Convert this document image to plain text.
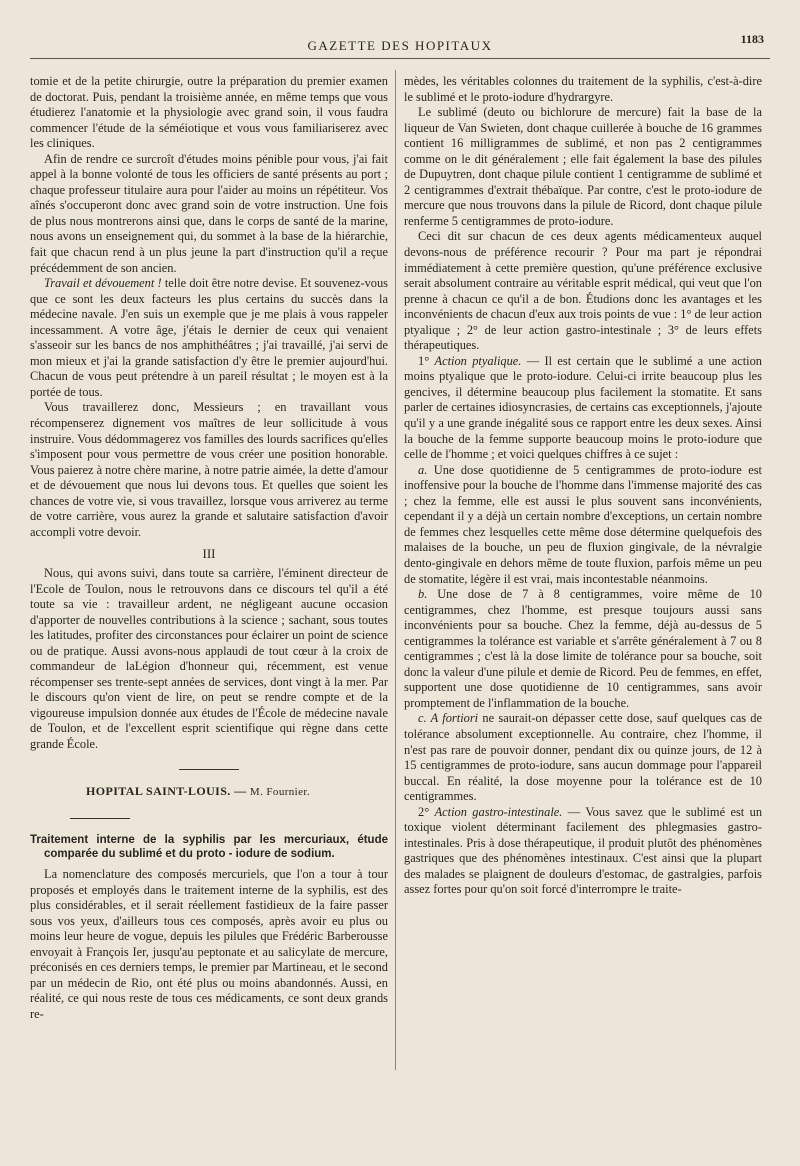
GAZETTE DES HOPITAUX	1183

tomie et de la petite chirurgie, outre la préparation du premier examen de doctorat. Puis, pendant la troisième année, en même temps que vous étudierez l'anatomie et la physiologie avec grand soin, il vous faudra commencer l'étude de la séméiotique et vous vous familiariserez avec les cliniques.

Afin de rendre ce surcroît d'études moins pénible pour vous, j'ai fait appel à la bonne volonté de tous les officiers de santé présents au port ; chaque professeur titulaire aura pour l'aider au moins un répétiteur. Vos aînés s'occuperont donc avec grand soin de votre instruction. Une fois de plus nous montrerons ainsi que, dans le corps de santé de la marine, nous avons un enseignement qui, du sommet à la base de la hiérarchie, fait que chacun rend à un plus jeune la part d'instruction qu'il a reçue précédemment de son ancien.

Travail et dévouement ! telle doit être notre devise. Et souvenez-vous que ce sont les deux facteurs les plus certains du succès dans la médecine navale. J'en suis un exemple que je me plais à vous rappeler incessamment. A votre âge, j'étais le dernier de ceux qui venaient s'asseoir sur les bancs de nos amphithéâtres ; j'ai travaillé, j'ai servi de mon mieux et j'ai la grande satisfaction d'y être le premier aujourd'hui. Chacun de vous peut prétendre à un pareil résultat ; le moyen est à la portée de tous.

Vous travaillerez donc, Messieurs ; en travaillant vous récompenserez dignement vos maîtres de leur sollicitude à vous instruire. Vous dédommagerez vos familles des lourds sacrifices qu'elles s'imposent pour vous permettre de vous créer une position honorable. Vous paierez à notre chère marine, à notre patrie aimée, la dette d'amour et de dévouement que nous lui devons tous. Et quelles que soient les chances de votre vie, si vous travaillez, lorsque vous arriverez au terme de votre carrière, vous aurez la grande et salutaire satisfaction d'avoir accompli votre devoir.

III

Nous, qui avons suivi, dans toute sa carrière, l'éminent directeur de l'Ecole de Toulon, nous le retrouvons dans ce discours tel qu'il a été toute sa vie : travailleur ardent, ne négligeant aucune occasion d'apporter de nouvelles contributions à la science ; sachant, sous toutes les latitudes, profiter des circonstances pour éclairer un point de science ou de pratique. Aussi avons-nous applaudi de tout cœur à la croix de commandeur de laLégion d'honneur qui, récemment, est venue récompenser ses trente-sept années de services, dont vingt à la mer. Par le discours qu'on vient de lire, on peut se rendre compte et de la vigoureuse impulsion donnée aux études de l'École de médecine navale de Toulon, et de l'excellent esprit scientifique qui règne dans cette grande École.

HOPITAL SAINT-LOUIS. — M. Fournier.
Traitement interne de la syphilis par les mercuriaux, étude comparée du sublimé et du proto - iodure de sodium.

La nomenclature des composés mercuriels, que l'on a tour à tour proposés et employés dans le traitement interne de la syphilis, est des plus considérables, et il serait réellement fastidieux de la faire passer sous vos yeux, d'ailleurs tous ces composés, après avoir eu plus ou moins leur heure de vogue, depuis les pilules que Frédéric Barberousse envoyait à François Ier, jusqu'au peptonate et au salicylate de mercure, préconisés en ces derniers temps, le premier par Martineau, et le second par un médecin de Rio, ont été plus ou moins abandonnés. Aussi, en réalité, ce qui nous reste de tous ces médicaments, ce sont deux grands re-

mèdes, les véritables colonnes du traitement de la syphilis, c'est-à-dire le sublimé et le proto-iodure d'hydrargyre.

Le sublimé (deuto ou bichlorure de mercure) fait la base de la liqueur de Van Swieten, dont chaque cuillerée à bouche de 16 grammes contient 16 milligrammes de sublimé, et non pas 2 centigrammes comme on le dit généralement ; elle fait également la base des pilules de Dupuytren, dont chaque pilule contient 1 centigramme de sublimé et 2 centigrammes d'extrait thébaïque. Par contre, c'est le proto-iodure de mercure que nous trouvons dans la pilule de Ricord, dont chaque pilule renferme 5 centigrammes de proto-iodure.

Ceci dit sur chacun de ces deux agents médicamenteux auquel devons-nous de préférence recourir ? Pour ma part je répondrai immédiatement à cette première question, qu'une préférence exclusive serait absolument contraire au véritable esprit médical, qui veut que l'on prenne à chacun ce qu'il a de bon. Étudions donc les avantages et les inconvénients de chacun d'eux aux trois points de vue : 1° de leur action ptyalique ; 2° de leur action gastro-intestinale ; 3° de leurs effets thérapeutiques.

1° Action ptyalique. — Il est certain que le sublimé a une action moins ptyalique que le proto-iodure. Celui-ci irrite beaucoup plus les gencives, il détermine beaucoup plus facilement la stomatite. Et sans parler de certaines idiosyncrasies, de certains cas exceptionnels, j'ajoute qu'il y a une grande inégalité sous ce rapport entre les deux sexes. Ainsi la bouche de la femme supporte beaucoup moins le proto-iodure que celle de l'homme ; et voici quelques chiffres à ce sujet :

a. Une dose quotidienne de 5 centigrammes de proto-iodure est inoffensive pour la bouche de l'homme dans l'immense majorité des cas ; chez la femme, elle est aussi le plus souvent sans inconvénients, cependant il y a déjà un certain nombre d'exceptions, un certain nombre de femmes chez lesquelles cette même dose détermine quelquefois des malaises de la bouche, un peu de fluxion gingivale, de la névralgie dento-gingivale en dehors même de toute fluxion, parfois même un peu de stomatite, légère il est vrai, mais incontestable néanmoins.

b. Une dose de 7 à 8 centigrammes, voire même de 10 centigrammes, chez l'homme, est presque toujours aussi sans inconvénients pour sa bouche. Chez la femme, déjà au-dessus de 5 centigrammes la tolérance est variable et s'arrête généralement à 7 ou 8 centigrammes ; c'est là la dose limite de tolérance pour sa bouche, soit donc la valeur d'une pilule et demie de Ricord. Peu de femmes, en effet, supportent une dose quotidienne de 10 centigrammes, sans avoir promptement de l'inflammation de la bouche.

c. A fortiori ne saurait-on dépasser cette dose, sauf quelques cas de tolérance absolument exceptionnelle. Au contraire, chez l'homme, il n'est pas rare de pouvoir donner, pendant dix ou quinze jours, de 12 à 15 centigrammes de proto-iodure, sans aucun dommage pour l'appareil buccal. En réalité, la dose moyenne pour la tolérance est de 10 centigrammes.

2° Action gastro-intestinale. — Vous savez que le sublimé est un toxique violent déterminant facilement des phlegmasies gastro-intestinales. Pris à dose thérapeutique, il produit plutôt des phénomènes gastriques que des phénomènes intestinaux. C'est ainsi que la plupart des malades se plaignent de douleurs d'estomac, de gastralgies, parfois assez fortes pour qu'on soit forcé d'interrompre le traite-
